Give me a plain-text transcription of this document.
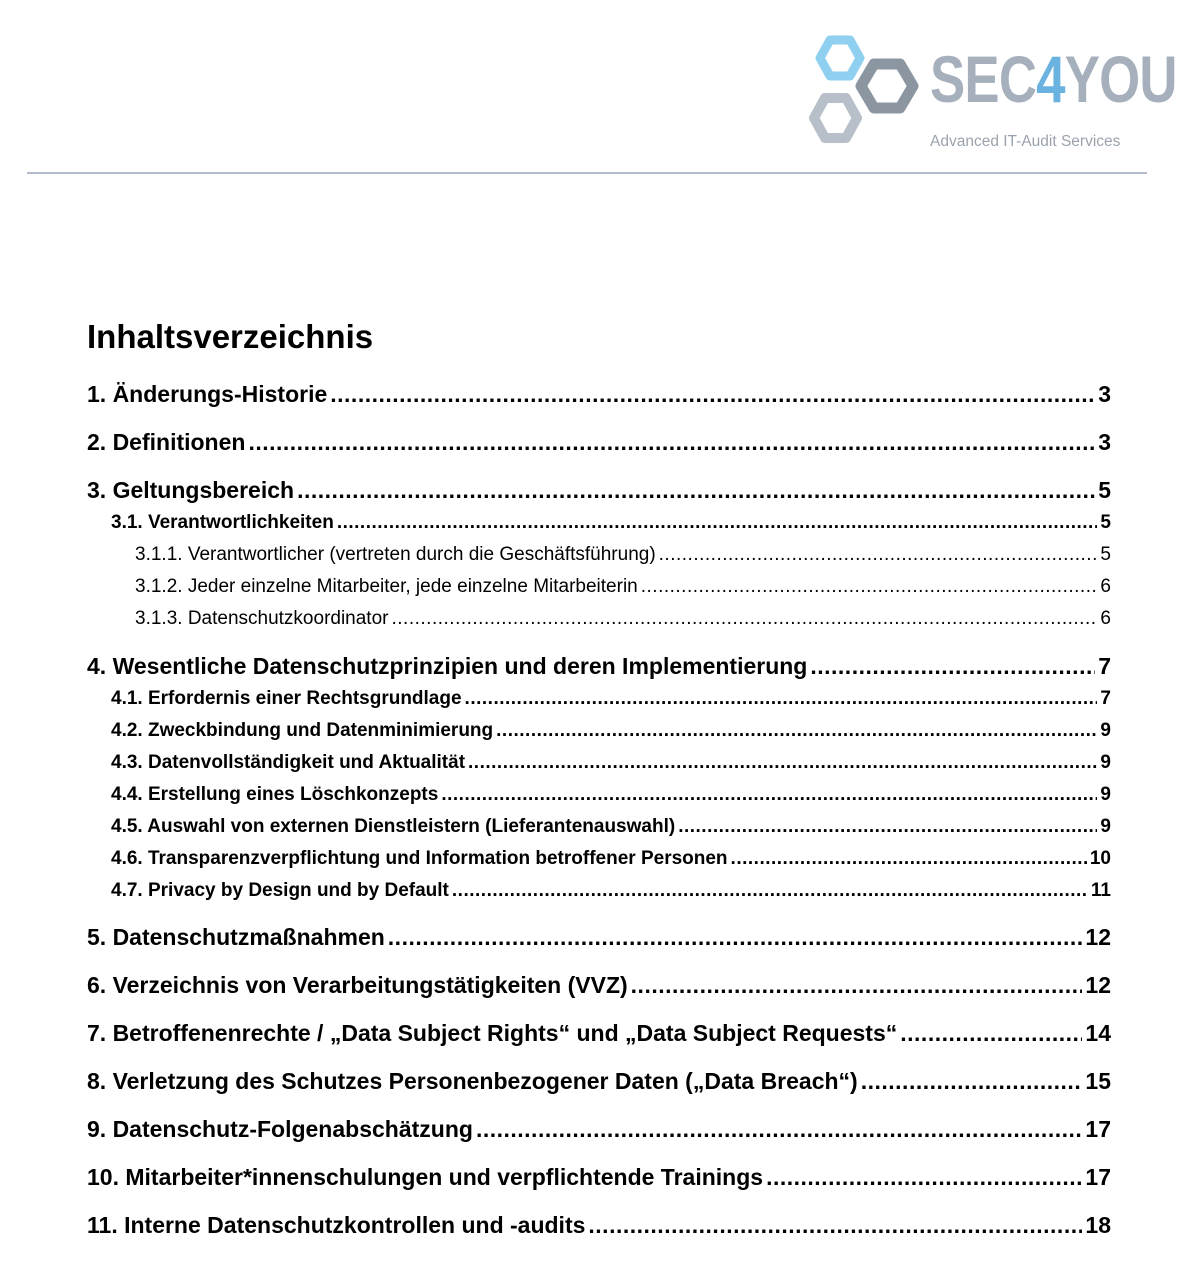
SEC4YOU
Advanced IT-Audit Services
Inhaltsverzeichnis
1. Änderungs-Historie .....	3
2. Definitionen .....	3
3. Geltungsbereich .....	5
3.1. Verantwortlichkeiten .....	5
3.1.1. Verantwortlicher (vertreten durch die Geschäftsführung) .....	5
3.1.2. Jeder einzelne Mitarbeiter, jede einzelne Mitarbeiterin .....	6
3.1.3. Datenschutzkoordinator .....	6
4. Wesentliche Datenschutzprinzipien und deren Implementierung .....	7
4.1. Erfordernis einer Rechtsgrundlage .....	7
4.2. Zweckbindung und Datenminimierung .....	9
4.3. Datenvollständigkeit und Aktualität .....	9
4.4. Erstellung eines Löschkonzepts .....	9
4.5. Auswahl von externen Dienstleistern (Lieferantenauswahl) .....	9
4.6. Transparenzverpflichtung und Information betroffener Personen .....	10
4.7. Privacy by Design und by Default .....	11
5. Datenschutzmaßnahmen .....	12
6. Verzeichnis von Verarbeitungstätigkeiten (VVZ) .....	12
7. Betroffenenrechte / „Data Subject Rights“ und „Data Subject Requests“ .....	14
8. Verletzung des Schutzes Personenbezogener Daten („Data Breach“) .....	15
9. Datenschutz-Folgenabschätzung .....	17
10. Mitarbeiter*innenschulungen und verpflichtende Trainings .....	17
11. Interne Datenschutzkontrollen und -audits .....	18
